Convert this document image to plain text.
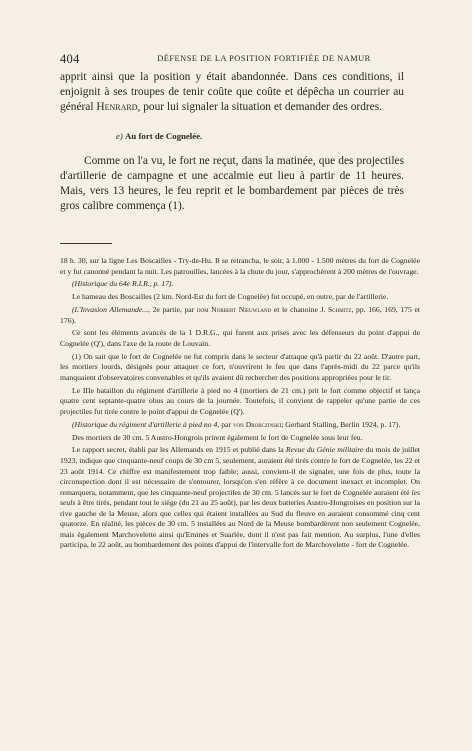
404	DÉFENSE DE LA POSITION FORTIFIÉE DE NAMUR

apprit ainsi que la position y était abandonnée. Dans ces conditions, il enjoignit à ses troupes de tenir coûte que coûte et dépêcha un courrier au général Henrard, pour lui signaler la situation et demander des ordres.

e) Au fort de Cognelée.

Comme on l'a vu, le fort ne reçut, dans la matinée, que des projectiles d'artillerie de campagne et une accalmie eut lieu à partir de 11 heures. Mais, vers 13 heures, le feu reprit et le bombardement par pièces de très gros calibre commença (1).

18 h. 30, sur la ligne Les Boscailles - Try-de-Hu. Il se retrancha, le soir, à 1.000 - 1.500 mètres du fort de Cognelée et y fut canonné pendant la nuit. Les patrouilles, lancées à la chute du jour, s'approchèrent à 200 mètres de l'ouvrage.

(Historique du 64e R.I.R., p. 17).

Le hameau des Boscailles (2 km. Nord-Est du fort de Cognelée) fut occupé, en outre, par de l'artillerie.

(L'Invasion Allemande..., 2e partie, par dom Norbert Nieuwland et le chanoine J. Schmitz, pp. 166, 169, 175 et 176).

Ce sont les éléments avancés de la 1 D.R.G., qui furent aux prises avec les défenseurs du point d'appui de Cognelée (Q'), dans l'axe de la route de Louvain.

(1) On sait que le fort de Cognelée ne fut compris dans le secteur d'attaque qu'à partir du 22 août. D'autre part, les mortiers lourds, désignés pour attaquer ce fort, n'ouvrirent le feu que dans l'après-midi du 22 parce qu'ils manquaient d'observatoires convenables et qu'ils avaient dû rechercher des positions appropriées pour le tir.

Le IIIe bataillon du régiment d'artillerie à pied no 4 (mortiers de 21 cm.) prit le fort comme objectif et lança quatre cent septante-quatre obus au cours de la journée. Toutefois, il convient de rappeler qu'une partie de ces projectiles fut tirée contre le point d'appui de Cognelée (Q').

(Historique du régiment d'artillerie à pied no 4, par von Drobczinski; Gerhard Stalling, Berlin 1924, p. 17).

Des mortiers de 30 cm. 5 Austro-Hongrois prirent également le fort de Cognelée sous leur feu.

Le rapport secret, établi par les Allemands en 1915 et publié dans la Revue du Génie militaire du mois de juillet 1923, indique que cinquante-neuf coups de 30 cm 5, seulement, auraient été tirés contre le fort de Cognelée, les 22 et 23 août 1914. Ce chiffre est manifestement trop faible; aussi, convient-il de signaler, une fois de plus, toute la circonspection dont il est nécessaire de s'entourer, lorsqu'on s'en réfère à ce document inexact et incomplet. On remarquera, notamment, que les cinquante-neuf projectiles de 30 cm. 5 lancés sur le fort de Cognelée auraient été les seuls à être tirés, pendant tout le siège (du 21 au 25 août), par les deux batteries Austro-Hongroises en position sur la rive gauche de la Meuse, alors que celles qui étaient installées au Sud du fleuve en auraient consommé cinq cent quatorze. En réalité, les pièces de 30 cm. 5 installées au Nord de la Meuse bombardèrent non seulement Cognelée, mais également Marchovelette ainsi qu'Emines et Suarlée, dont il n'est pas fait mention. Au surplus, l'une d'elles participa, le 22 août, au bombardement des points d'appui de l'intervalle fort de Marchovelette - fort de Cognelée.
